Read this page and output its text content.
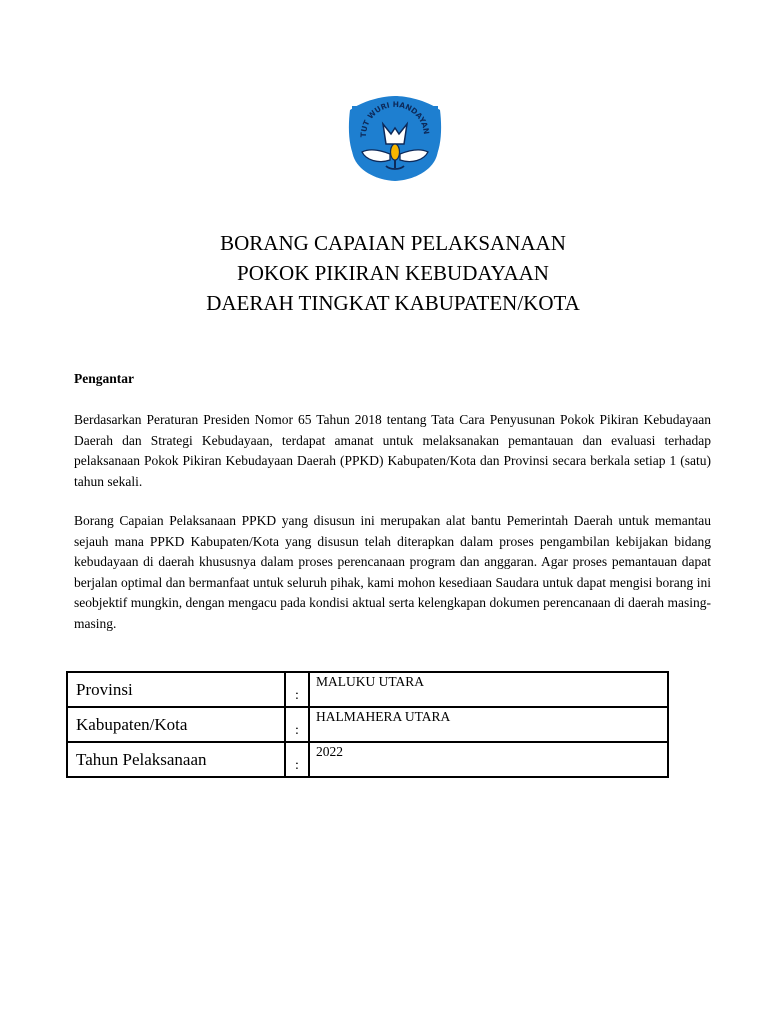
TUT WURI HANDAYAN
BORANG CAPAIAN PELAKSANAAN
POKOK PIKIRAN KEBUDAYAAN
DAERAH TINGKAT KABUPATEN/KOTA
Pengantar

Berdasarkan Peraturan Presiden Nomor 65 Tahun 2018 tentang Tata Cara Penyusunan Pokok Pikiran Kebudayaan Daerah dan Strategi Kebudayaan, terdapat amanat untuk melaksanakan pemantauan dan evaluasi terhadap pelaksanaan Pokok Pikiran Kebudayaan Daerah (PPKD) Kabupaten/Kota dan Provinsi secara berkala setiap 1 (satu) tahun sekali.

Borang Capaian Pelaksanaan PPKD yang disusun ini merupakan alat bantu Pemerintah Daerah untuk memantau sejauh mana PPKD Kabupaten/Kota yang disusun telah diterapkan dalam proses pengambilan kebijakan bidang kebudayaan di daerah khususnya dalam proses perencanaan program dan anggaran. Agar proses pemantauan dapat berjalan optimal dan bermanfaat untuk seluruh pihak, kami mohon kesediaan Saudara untuk dapat mengisi borang ini seobjektif mungkin, dengan mengacu pada kondisi aktual serta kelengkapan dokumen perencanaan di daerah masing-masing.

Provinsi	:	MALUKU UTARA
Kabupaten/Kota	:	HALMAHERA UTARA
Tahun Pelaksanaan	:	2022
